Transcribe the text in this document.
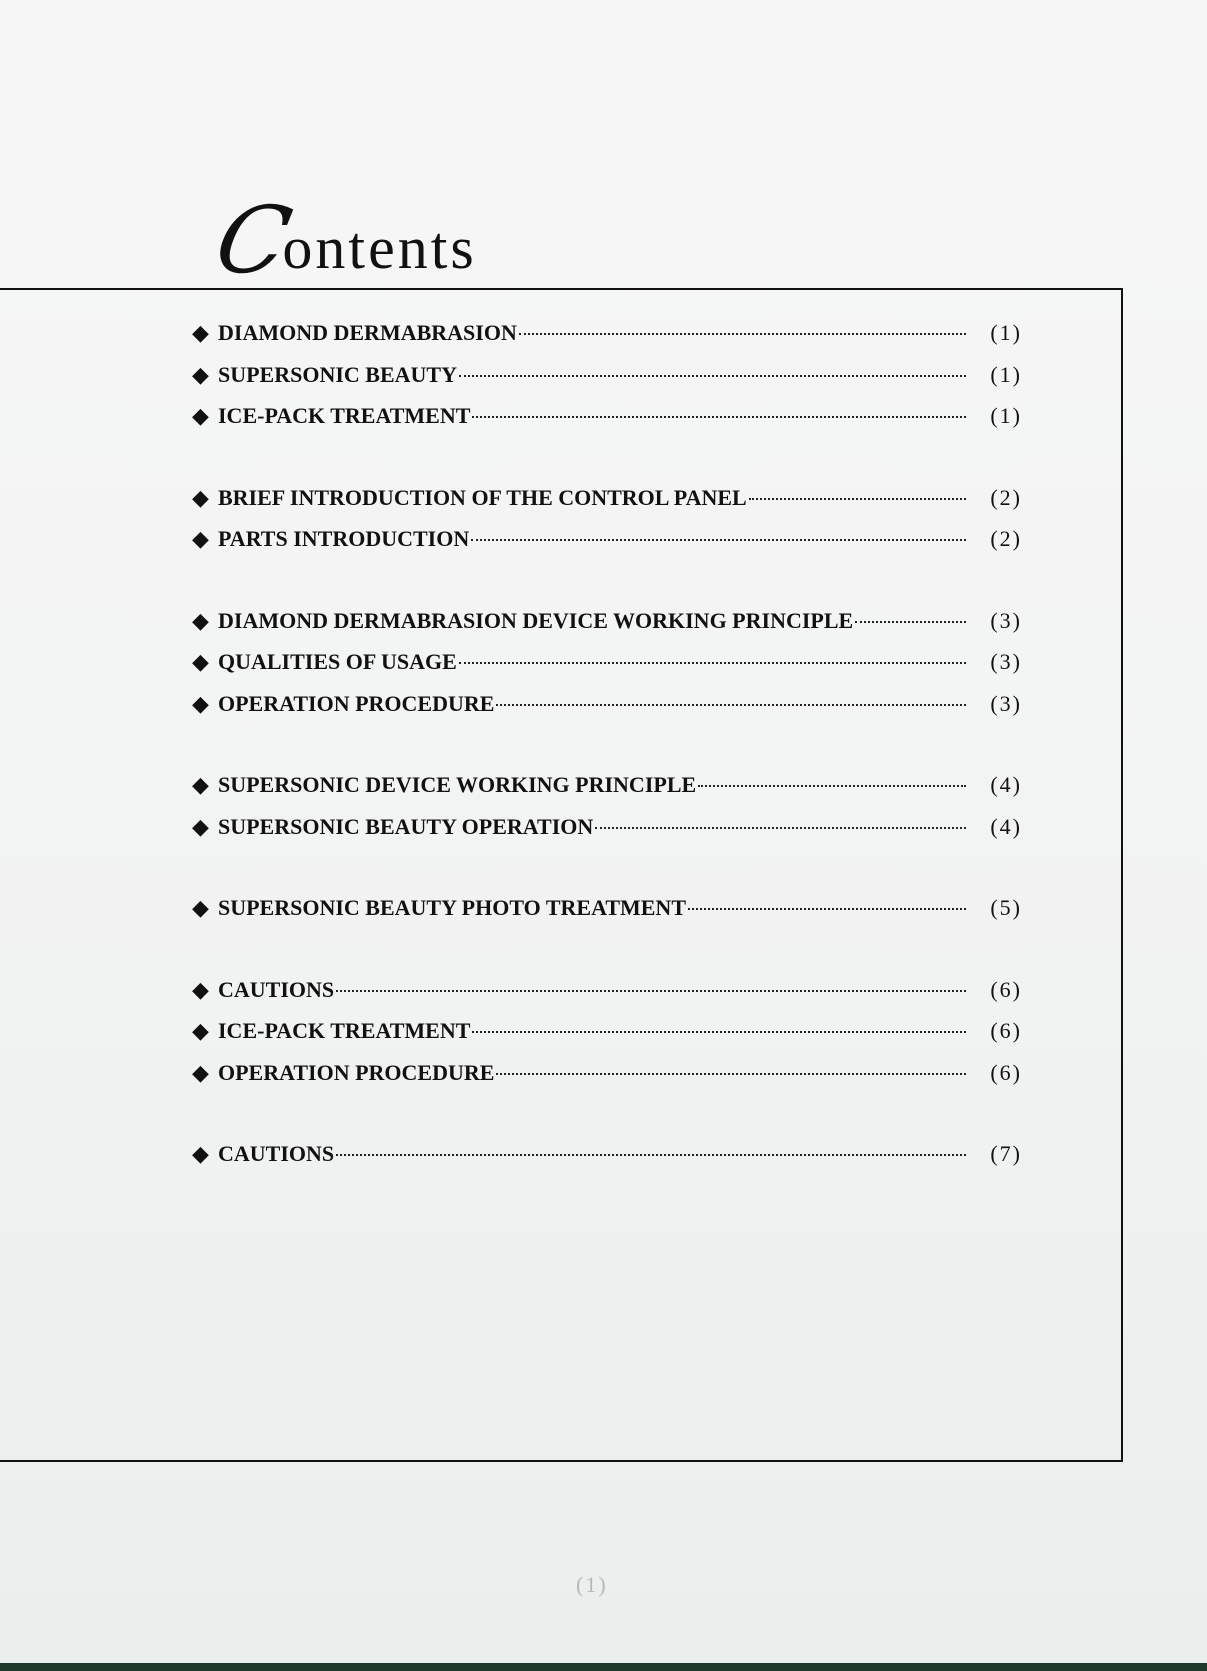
Contents
◆ DIAMOND DERMABRASION	(1)
◆ SUPERSONIC BEAUTY	(1)
◆ ICE-PACK TREATMENT	(1)
◆ BRIEF INTRODUCTION OF THE CONTROL PANEL	(2)
◆ PARTS INTRODUCTION	(2)
◆ DIAMOND DERMABRASION DEVICE WORKING PRINCIPLE	(3)
◆ QUALITIES OF USAGE	(3)
◆ OPERATION PROCEDURE	(3)
◆ SUPERSONIC DEVICE WORKING PRINCIPLE	(4)
◆ SUPERSONIC BEAUTY OPERATION	(4)
◆ SUPERSONIC BEAUTY PHOTO TREATMENT	(5)
◆ CAUTIONS	(6)
◆ ICE-PACK TREATMENT	(6)
◆ OPERATION PROCEDURE	(6)
◆ CAUTIONS	(7)
(1)
